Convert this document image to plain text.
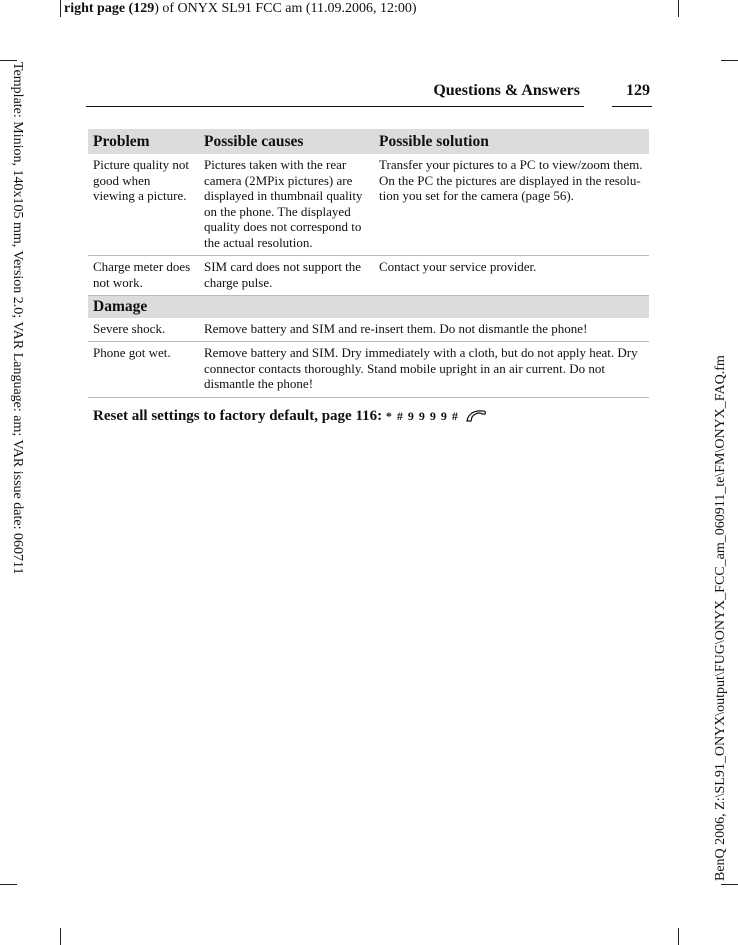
right page (129) of ONYX SL91 FCC am (11.09.2006, 12:00)
Template: Minion, 140x105 mm, Version 2.0; VAR Language: am; VAR issue date: 060711
BenQ 2006, Z:\SL91_ONYX\output\FUG\ONYX_FCC_am_060911_te\FM\ONYX_FAQ.fm
Questions & Answers	129
Problem	Possible causes	Possible solution
Picture quality not good when viewing a picture.	Pictures taken with the rear camera (2MPix pictures) are displayed in thumbnail quality on the phone. The displayed quality does not correspond to the actual resolution.	Transfer your pictures to a PC to view/zoom them. On the PC the pictures are displayed in the resolu-tion you set for the camera (page 56).
Charge meter does not work.	SIM card does not support the charge pulse.	Contact your service provider.
Damage		
Severe shock.	Remove battery and SIM and re-insert them. Do not dismantle the phone!	
Phone got wet.	Remove battery and SIM. Dry immediately with a cloth, but do not apply heat. Dry connector contacts thoroughly. Stand mobile upright in an air current. Do not dismantle the phone!	
Reset all settings to factory default, page 116: * # 9 9 9 9 #
